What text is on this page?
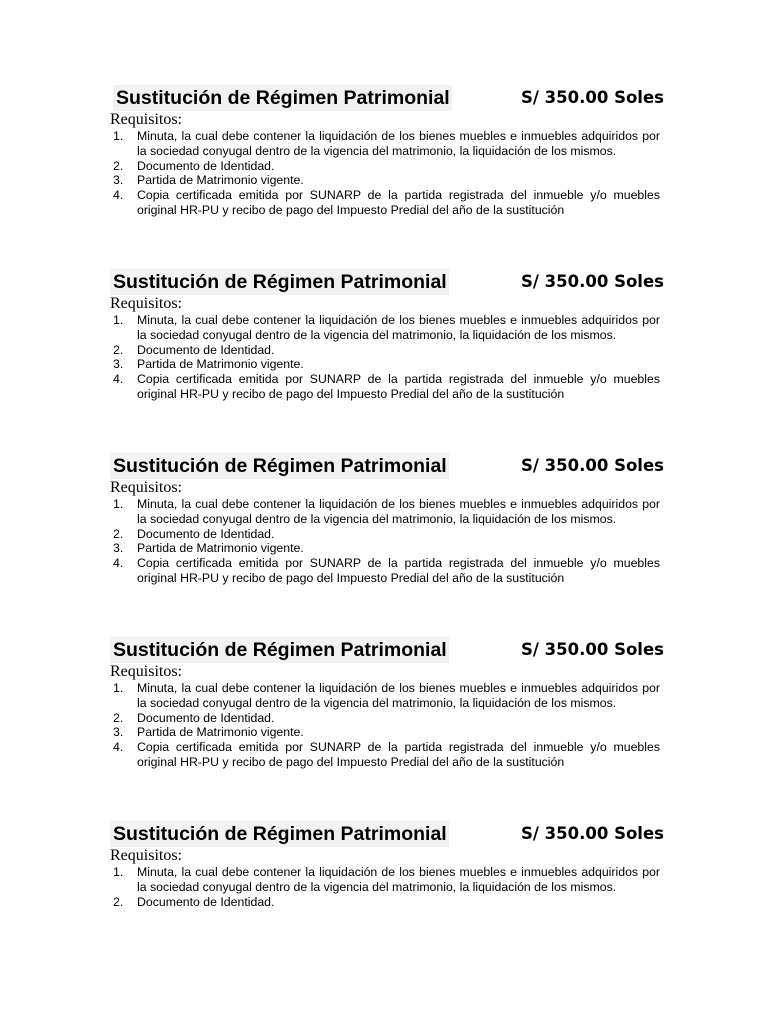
Sustitución de Régimen Patrimonial	S/ 350.00 Soles

Requisitos:

1. Minuta, la cual debe contener la liquidación de los bienes muebles e inmuebles adquiridos por la sociedad conyugal dentro de la vigencia del matrimonio, la liquidación de los mismos.
2. Documento de Identidad.
3. Partida de Matrimonio vigente.
4. Copia certificada emitida por SUNARP de la partida registrada del inmueble y/o muebles original HR-PU y recibo de pago del Impuesto Predial del año de la sustitución
Sustitución de Régimen Patrimonial	S/ 350.00 Soles

Requisitos:

1. Minuta, la cual debe contener la liquidación de los bienes muebles e inmuebles adquiridos por la sociedad conyugal dentro de la vigencia del matrimonio, la liquidación de los mismos.
2. Documento de Identidad.
3. Partida de Matrimonio vigente.
4. Copia certificada emitida por SUNARP de la partida registrada del inmueble y/o muebles original HR-PU y recibo de pago del Impuesto Predial del año de la sustitución
Sustitución de Régimen Patrimonial	S/ 350.00 Soles

Requisitos:

1. Minuta, la cual debe contener la liquidación de los bienes muebles e inmuebles adquiridos por la sociedad conyugal dentro de la vigencia del matrimonio, la liquidación de los mismos.
2. Documento de Identidad.
3. Partida de Matrimonio vigente.
4. Copia certificada emitida por SUNARP de la partida registrada del inmueble y/o muebles original HR-PU y recibo de pago del Impuesto Predial del año de la sustitución
Sustitución de Régimen Patrimonial	S/ 350.00 Soles

Requisitos:

1. Minuta, la cual debe contener la liquidación de los bienes muebles e inmuebles adquiridos por la sociedad conyugal dentro de la vigencia del matrimonio, la liquidación de los mismos.
2. Documento de Identidad.
3. Partida de Matrimonio vigente.
4. Copia certificada emitida por SUNARP de la partida registrada del inmueble y/o muebles original HR-PU y recibo de pago del Impuesto Predial del año de la sustitución
Sustitución de Régimen Patrimonial	S/ 350.00 Soles

Requisitos:

1. Minuta, la cual debe contener la liquidación de los bienes muebles e inmuebles adquiridos por la sociedad conyugal dentro de la vigencia del matrimonio, la liquidación de los mismos.
2. Documento de Identidad.
